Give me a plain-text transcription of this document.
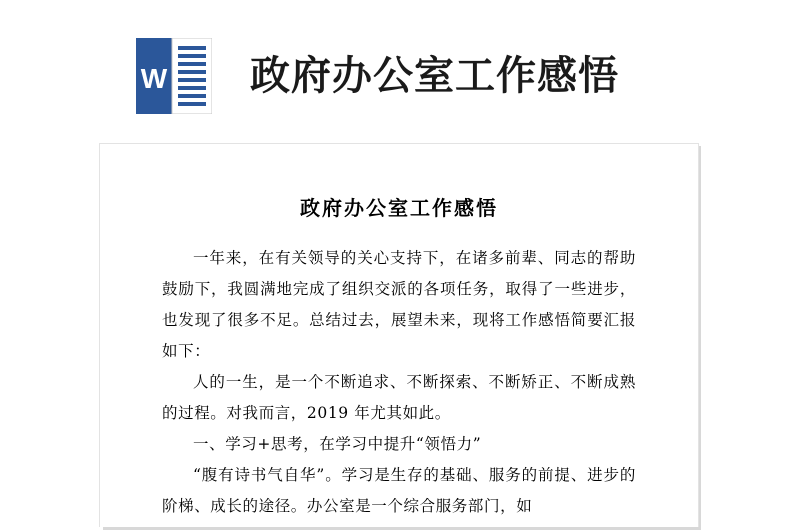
W 政府办公室工作感悟
政府办公室工作感悟

一年来，在有关领导的关心支持下，在诸多前辈、同志的帮助鼓励下，我圆满地完成了组织交派的各项任务，取得了一些进步，也发现了很多不足。总结过去，展望未来，现将工作感悟简要汇报如下：

人的一生，是一个不断追求、不断探索、不断矫正、不断成熟的过程。对我而言，2019 年尤其如此。

一、学习+思考，在学习中提升“领悟力”

“腹有诗书气自华”。学习是生存的基础、服务的前提、进步的阶梯、成长的途径。办公室是一个综合服务部门，如
